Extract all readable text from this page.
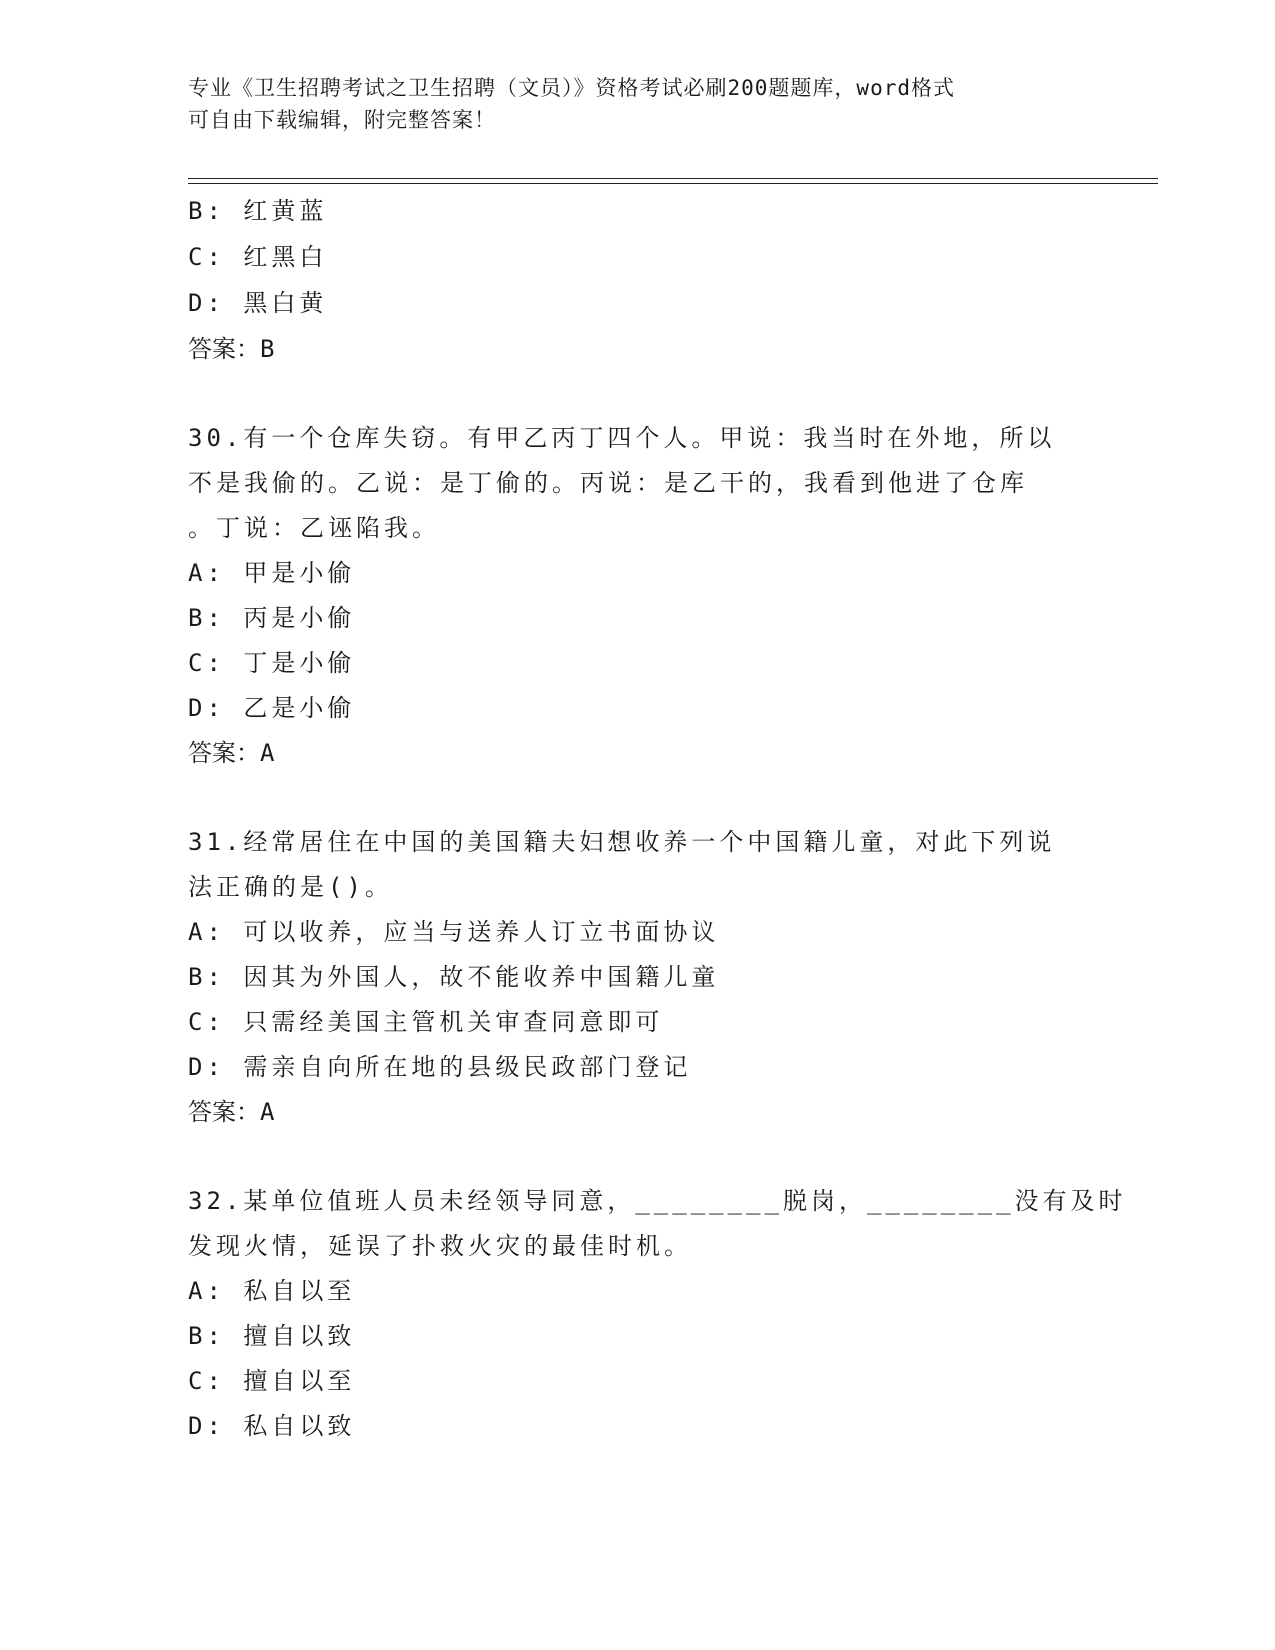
专业《卫生招聘考试之卫生招聘（文员）》资格考试必刷200题题库，word格式
可自由下载编辑，附完整答案！
B: 红黄蓝
C: 红黑白
D: 黑白黄
答案：B
30.有一个仓库失窃。有甲乙丙丁四个人。甲说：我当时在外地，所以
不是我偷的。乙说：是丁偷的。丙说：是乙干的，我看到他进了仓库
。丁说：乙诬陷我。
A: 甲是小偷
B: 丙是小偷
C: 丁是小偷
D: 乙是小偷
答案：A
31.经常居住在中国的美国籍夫妇想收养一个中国籍儿童，对此下列说
法正确的是()。
A: 可以收养，应当与送养人订立书面协议
B: 因其为外国人，故不能收养中国籍儿童
C: 只需经美国主管机关审查同意即可
D: 需亲自向所在地的县级民政部门登记
答案：A
32.某单位值班人员未经领导同意，________脱岗，________没有及时
发现火情，延误了扑救火灾的最佳时机。
A: 私自以至
B: 擅自以致
C: 擅自以至
D: 私自以致
